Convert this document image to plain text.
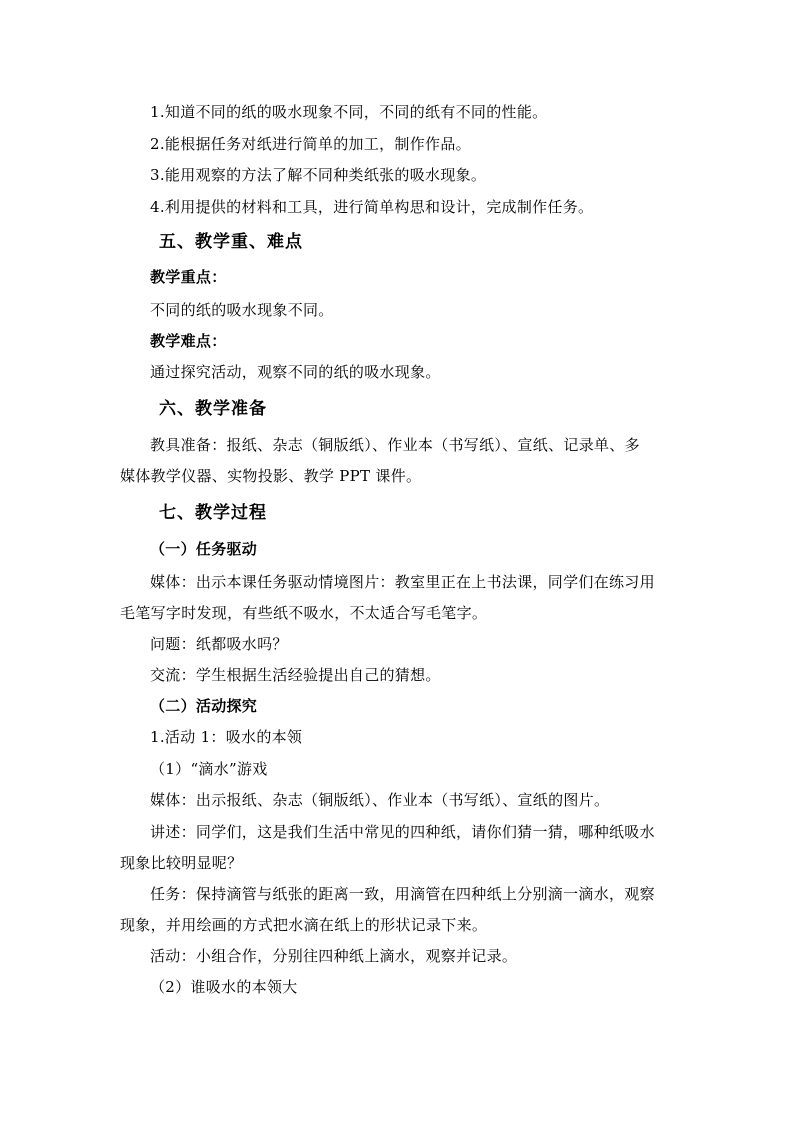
1.知道不同的纸的吸水现象不同，不同的纸有不同的性能。
2.能根据任务对纸进行简单的加工，制作作品。
3.能用观察的方法了解不同种类纸张的吸水现象。
4.利用提供的材料和工具，进行简单构思和设计，完成制作任务。
五、教学重、难点
教学重点：
不同的纸的吸水现象不同。
教学难点：
通过探究活动，观察不同的纸的吸水现象。
六、教学准备
教具准备：报纸、杂志（铜版纸）、作业本（书写纸）、宣纸、记录单、多
媒体教学仪器、实物投影、教学 PPT 课件。
七、教学过程
（一）任务驱动
媒体：出示本课任务驱动情境图片：教室里正在上书法课，同学们在练习用
毛笔写字时发现，有些纸不吸水，不太适合写毛笔字。
问题：纸都吸水吗？
交流：学生根据生活经验提出自己的猜想。
（二）活动探究
1.活动 1：吸水的本领
（1）“滴水”游戏
媒体：出示报纸、杂志（铜版纸）、作业本（书写纸）、宣纸的图片。
讲述：同学们，这是我们生活中常见的四种纸，请你们猜一猜，哪种纸吸水
现象比较明显呢？
任务：保持滴管与纸张的距离一致，用滴管在四种纸上分别滴一滴水，观察
现象，并用绘画的方式把水滴在纸上的形状记录下来。
活动：小组合作，分别往四种纸上滴水，观察并记录。
（2）谁吸水的本领大
